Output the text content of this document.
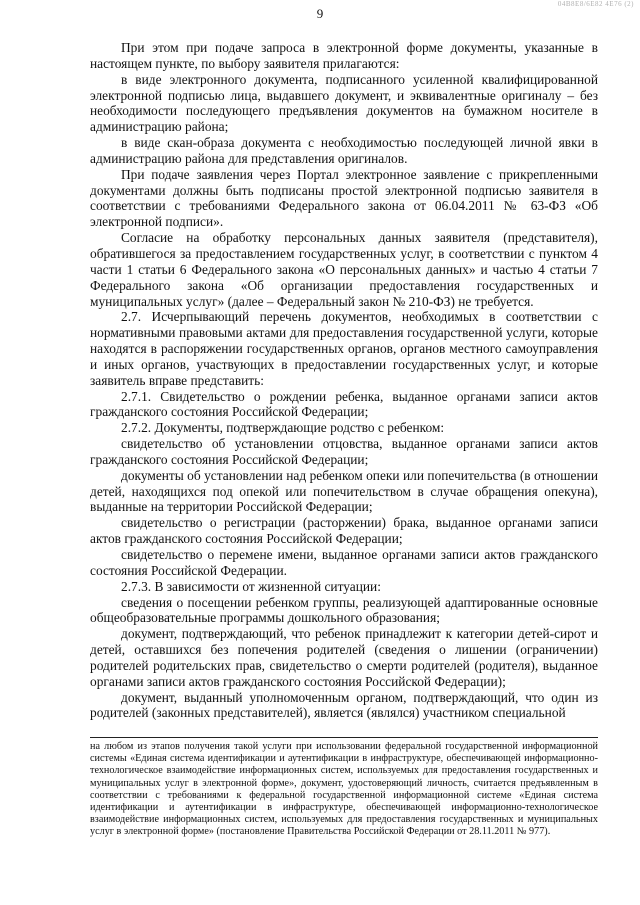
04B8E8/6E82 4E76 (2)
9

При этом при подаче запроса в электронной форме документы, указанные в настоящем пункте, по выбору заявителя прилагаются:

в виде электронного документа, подписанного усиленной квалифицированной электронной подписью лица, выдавшего документ, и эквивалентные оригиналу – без необходимости последующего предъявления документов на бумажном носителе в администрацию района;

в виде скан-образа документа с необходимостью последующей личной явки в администрацию района для представления оригиналов.

При подаче заявления через Портал электронное заявление с прикрепленными документами должны быть подписаны простой электронной подписью заявителя в соответствии с требованиями Федерального закона от 06.04.2011 № 63-ФЗ «Об электронной подписи».

Согласие на обработку персональных данных заявителя (представителя), обратившегося за предоставлением государственных услуг, в соответствии с пунктом 4 части 1 статьи 6 Федерального закона «О персональных данных» и частью 4 статьи 7 Федерального закона «Об организации предоставления государственных и муниципальных услуг» (далее – Федеральный закон № 210-ФЗ) не требуется.

2.7. Исчерпывающий перечень документов, необходимых в соответствии с нормативными правовыми актами для предоставления государственной услуги, которые находятся в распоряжении государственных органов, органов местного самоуправления и иных органов, участвующих в предоставлении государственных услуг, и которые заявитель вправе представить:

2.7.1. Свидетельство о рождении ребенка, выданное органами записи актов гражданского состояния Российской Федерации;

2.7.2. Документы, подтверждающие родство с ребенком:

свидетельство об установлении отцовства, выданное органами записи актов гражданского состояния Российской Федерации;

документы об установлении над ребенком опеки или попечительства (в отношении детей, находящихся под опекой или попечительством в случае обращения опекуна), выданные на территории Российской Федерации;

свидетельство о регистрации (расторжении) брака, выданное органами записи актов гражданского состояния Российской Федерации;

свидетельство о перемене имени, выданное органами записи актов гражданского состояния Российской Федерации.

2.7.3. В зависимости от жизненной ситуации:

сведения о посещении ребенком группы, реализующей адаптированные основные общеобразовательные программы дошкольного образования;

документ, подтверждающий, что ребенок принадлежит к категории детей-сирот и детей, оставшихся без попечения родителей (сведения о лишении (ограничении) родителей родительских прав, свидетельство о смерти родителей (родителя), выданное органами записи актов гражданского состояния Российской Федерации);

документ, выданный уполномоченным органом, подтверждающий, что один из родителей (законных представителей), является (являлся) участником специальной

на любом из этапов получения такой услуги при использовании федеральной государственной информационной системы «Единая система идентификации и аутентификации в инфраструктуре, обеспечивающей информационно-технологическое взаимодействие информационных систем, используемых для предоставления государственных и муниципальных услуг в электронной форме», документ, удостоверяющий личность, считается предъявленным в соответствии с требованиями к федеральной государственной информационной системе «Единая система идентификации и аутентификации в инфраструктуре, обеспечивающей информационно-технологическое взаимодействие информационных систем, используемых для предоставления государственных и муниципальных услуг в электронной форме» (постановление Правительства Российской Федерации от 28.11.2011 № 977).
